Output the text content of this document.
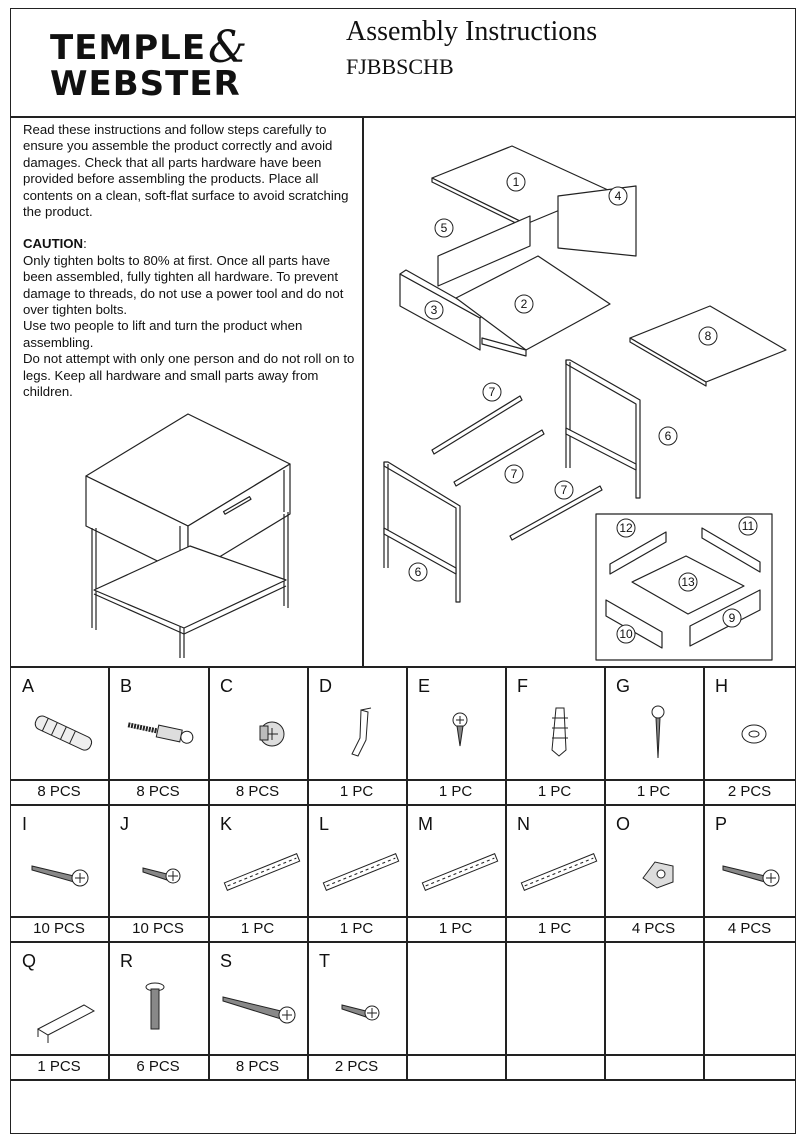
TEMPLE &
WEBSTER
Assembly Instructions
FJBBSCHB

Read these instructions and follow steps carefully to ensure you assemble the product correctly and avoid damages. Check that all parts hardware have been provided before assembling the products. Place all contents on a clean, soft-flat surface to avoid scratching the product.

CAUTION:
Only tighten bolts to 80% at first. Once all parts have been assembled, fully tighten all hardware. To prevent damage to threads, do not use a power tool and do not over tighten bolts.
Use two people to lift and turn the product when assembling.
Do not attempt with only one person and do not roll on to legs. Keep all hardware and small parts away from children.
1
2
3
4
5
6
6
7
7
7
8
9
10
11
12
13
A
8 PCS
B
8 PCS
C
8 PCS
D
1 PC
E
1 PC
F
1 PC
G
1 PC
H
2 PCS
I
10 PCS
J
10 PCS
K
1 PC
L
1 PC
M
1 PC
N
1 PC
O
4 PCS
P
4 PCS
Q
1 PCS
R
6 PCS
S
8 PCS
T
2 PCS
